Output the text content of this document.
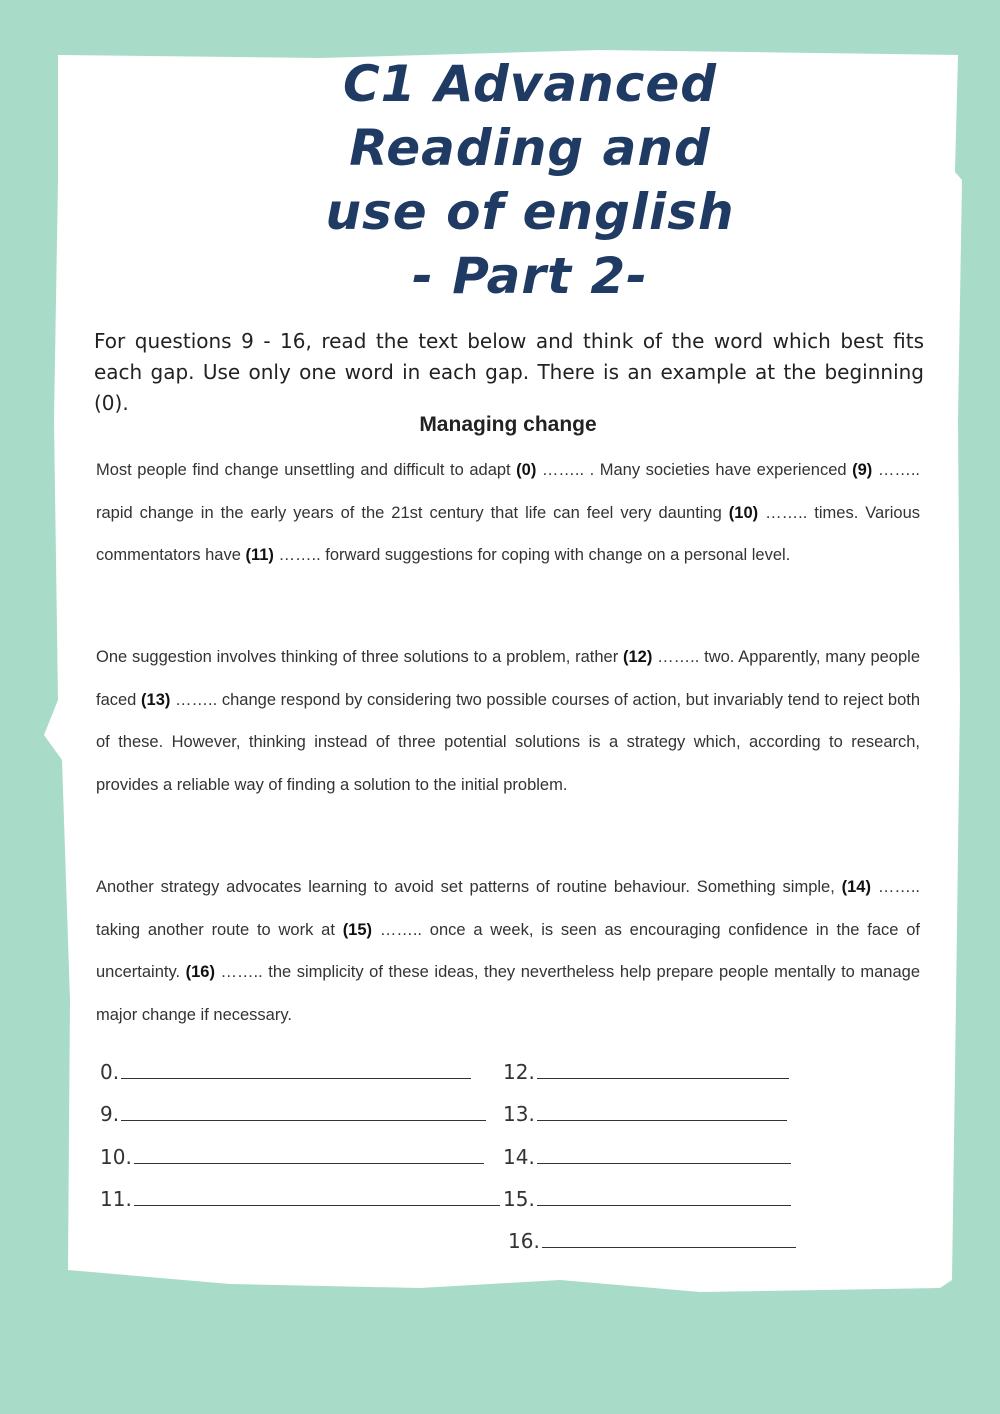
C1 Advanced
Reading and
use of english
- Part 2-

For questions 9 - 16, read the text below and think of the word which best fits each gap. Use only one word in each gap. There is an example at the beginning (0).

Managing change

Most people find change unsettling and difficult to adapt (0) …….. . Many societies have experienced (9) …….. rapid change in the early years of the 21st century that life can feel very daunting (10) …….. times. Various commentators have (11) …….. forward suggestions for coping with change on a personal level.

One suggestion involves thinking of three solutions to a problem, rather (12) …….. two. Apparently, many people faced (13) …….. change respond by considering two possible courses of action, but invariably tend to reject both of these. However, thinking instead of three potential solutions is a strategy which, according to research, provides a reliable way of finding a solution to the initial problem.

Another strategy advocates learning to avoid set patterns of routine behaviour. Something simple, (14) …….. taking another route to work at (15) …….. once a week, is seen as encouraging confidence in the face of uncertainty. (16) …….. the simplicity of these ideas, they nevertheless help prepare people mentally to manage major change if necessary.

0.
9.
10.
11.
12.
13.
14.
15.
16.
